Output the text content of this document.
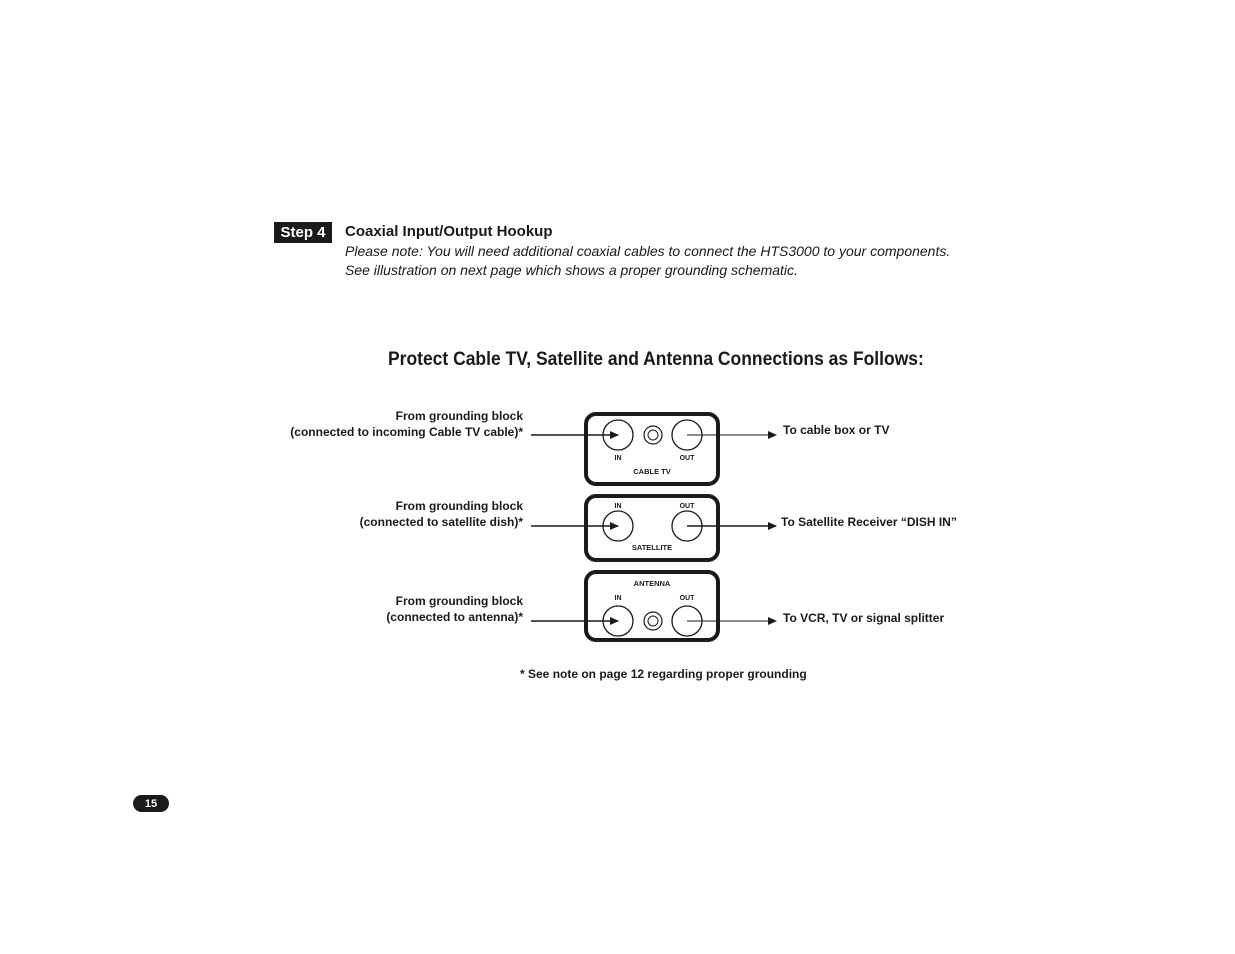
Step 4	Coaxial Input/Output Hookup
Please note: You will need additional coaxial cables to connect the HTS3000 to your components.
See illustration on next page which shows a proper grounding schematic.
Protect Cable TV, Satellite and Antenna Connections as Follows:
From grounding block
(connected to incoming Cable TV cable)*
From grounding block
(connected to satellite dish)*
From grounding block
(connected to antenna)*
To cable box or TV
To Satellite Receiver “DISH IN”
To VCR, TV or signal splitter
IN	OUT
CABLE TV
IN	OUT
SATELLITE
ANTENNA
IN	OUT
* See note on page 12 regarding proper grounding
15
